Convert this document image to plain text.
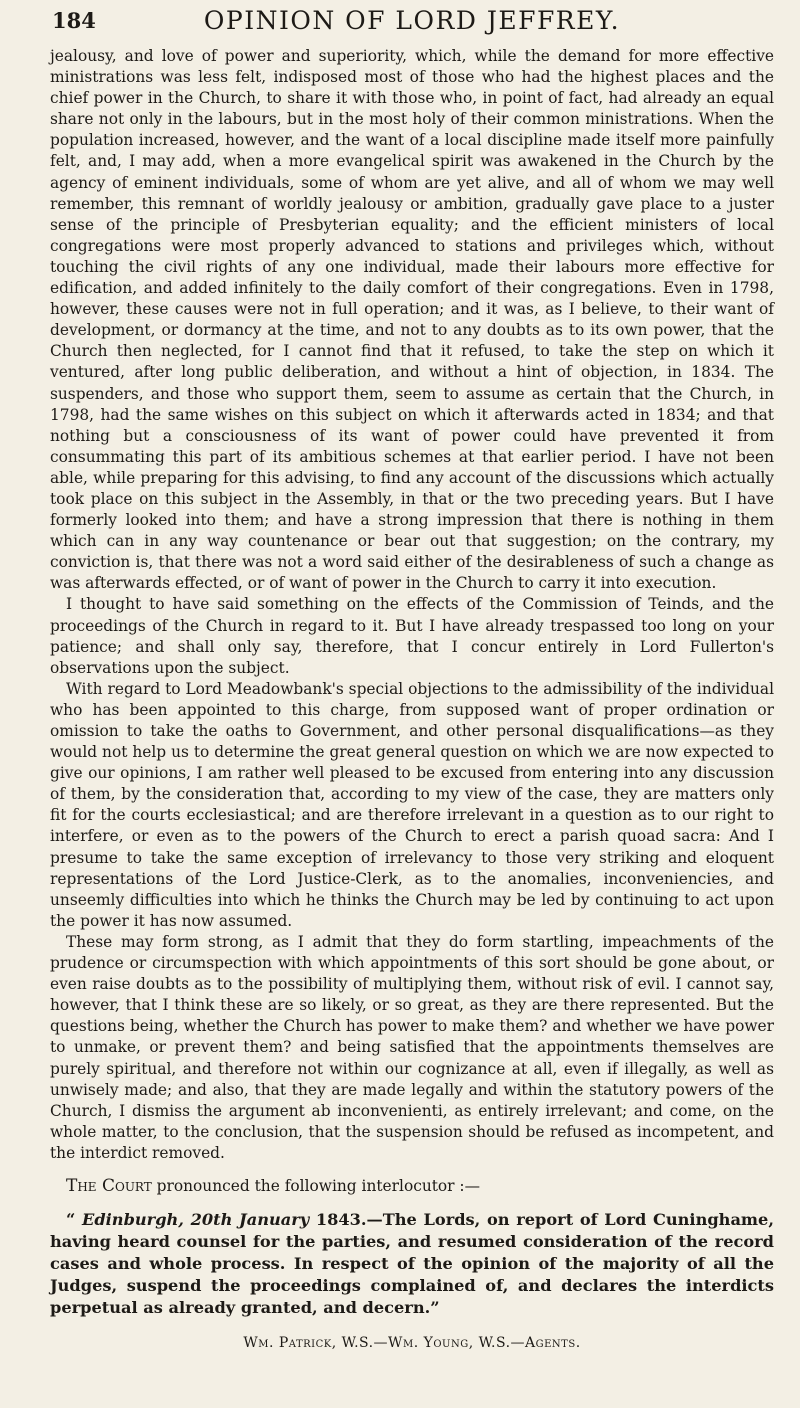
184	OPINION OF LORD JEFFREY.

jealousy, and love of power and superiority, which, while the demand for more effective ministrations was less felt, indisposed most of those who had the highest places and the chief power in the Church, to share it with those who, in point of fact, had already an equal share not only in the labours, but in the most holy of their common ministrations. When the population increased, however, and the want of a local discipline made itself more painfully felt, and, I may add, when a more evangelical spirit was awakened in the Church by the agency of eminent individuals, some of whom are yet alive, and all of whom we may well remember, this remnant of worldly jealousy or ambition, gradually gave place to a juster sense of the principle of Presbyterian equality; and the efficient ministers of local congregations were most properly advanced to stations and privileges which, without touching the civil rights of any one individual, made their labours more effective for edification, and added infinitely to the daily comfort of their congregations. Even in 1798, however, these causes were not in full operation; and it was, as I believe, to their want of development, or dormancy at the time, and not to any doubts as to its own power, that the Church then neglected, for I cannot find that it refused, to take the step on which it ventured, after long public deliberation, and without a hint of objection, in 1834. The suspenders, and those who support them, seem to assume as certain that the Church, in 1798, had the same wishes on this subject on which it afterwards acted in 1834; and that nothing but a consciousness of its want of power could have prevented it from consummating this part of its ambitious schemes at that earlier period. I have not been able, while preparing for this advising, to find any account of the discussions which actually took place on this subject in the Assembly, in that or the two preceding years. But I have formerly looked into them; and have a strong impression that there is nothing in them which can in any way countenance or bear out that suggestion; on the contrary, my conviction is, that there was not a word said either of the desirableness of such a change as was afterwards effected, or of want of power in the Church to carry it into execution.

I thought to have said something on the effects of the Commission of Teinds, and the proceedings of the Church in regard to it. But I have already trespassed too long on your patience; and shall only say, therefore, that I concur entirely in Lord Fullerton's observations upon the subject.

With regard to Lord Meadowbank's special objections to the admissibility of the individual who has been appointed to this charge, from supposed want of proper ordination or omission to take the oaths to Government, and other personal disqualifications—as they would not help us to determine the great general question on which we are now expected to give our opinions, I am rather well pleased to be excused from entering into any discussion of them, by the consideration that, according to my view of the case, they are matters only fit for the courts ecclesiastical; and are therefore irrelevant in a question as to our right to interfere, or even as to the powers of the Church to erect a parish quoad sacra: And I presume to take the same exception of irrelevancy to those very striking and eloquent representations of the Lord Justice-Clerk, as to the anomalies, inconveniencies, and unseemly difficulties into which he thinks the Church may be led by continuing to act upon the power it has now assumed.

These may form strong, as I admit that they do form startling, impeachments of the prudence or circumspection with which appointments of this sort should be gone about, or even raise doubts as to the possibility of multiplying them, without risk of evil. I cannot say, however, that I think these are so likely, or so great, as they are there represented. But the questions being, whether the Church has power to make them? and whether we have power to unmake, or prevent them? and being satisfied that the appointments themselves are purely spiritual, and therefore not within our cognizance at all, even if illegally, as well as unwisely made; and also, that they are made legally and within the statutory powers of the Church, I dismiss the argument ab inconvenienti, as entirely irrelevant; and come, on the whole matter, to the conclusion, that the suspension should be refused as incompetent, and the interdict removed.

The Court pronounced the following interlocutor :—

“ Edinburgh, 20th January 1843.—The Lords, on report of Lord Cuninghame, having heard counsel for the parties, and resumed consideration of the record cases and whole process. In respect of the opinion of the majority of all the Judges, suspend the proceedings complained of, and declares the interdicts perpetual as already granted, and decern.”

Wm. Patrick, W.S.—Wm. Young, W.S.—Agents.
